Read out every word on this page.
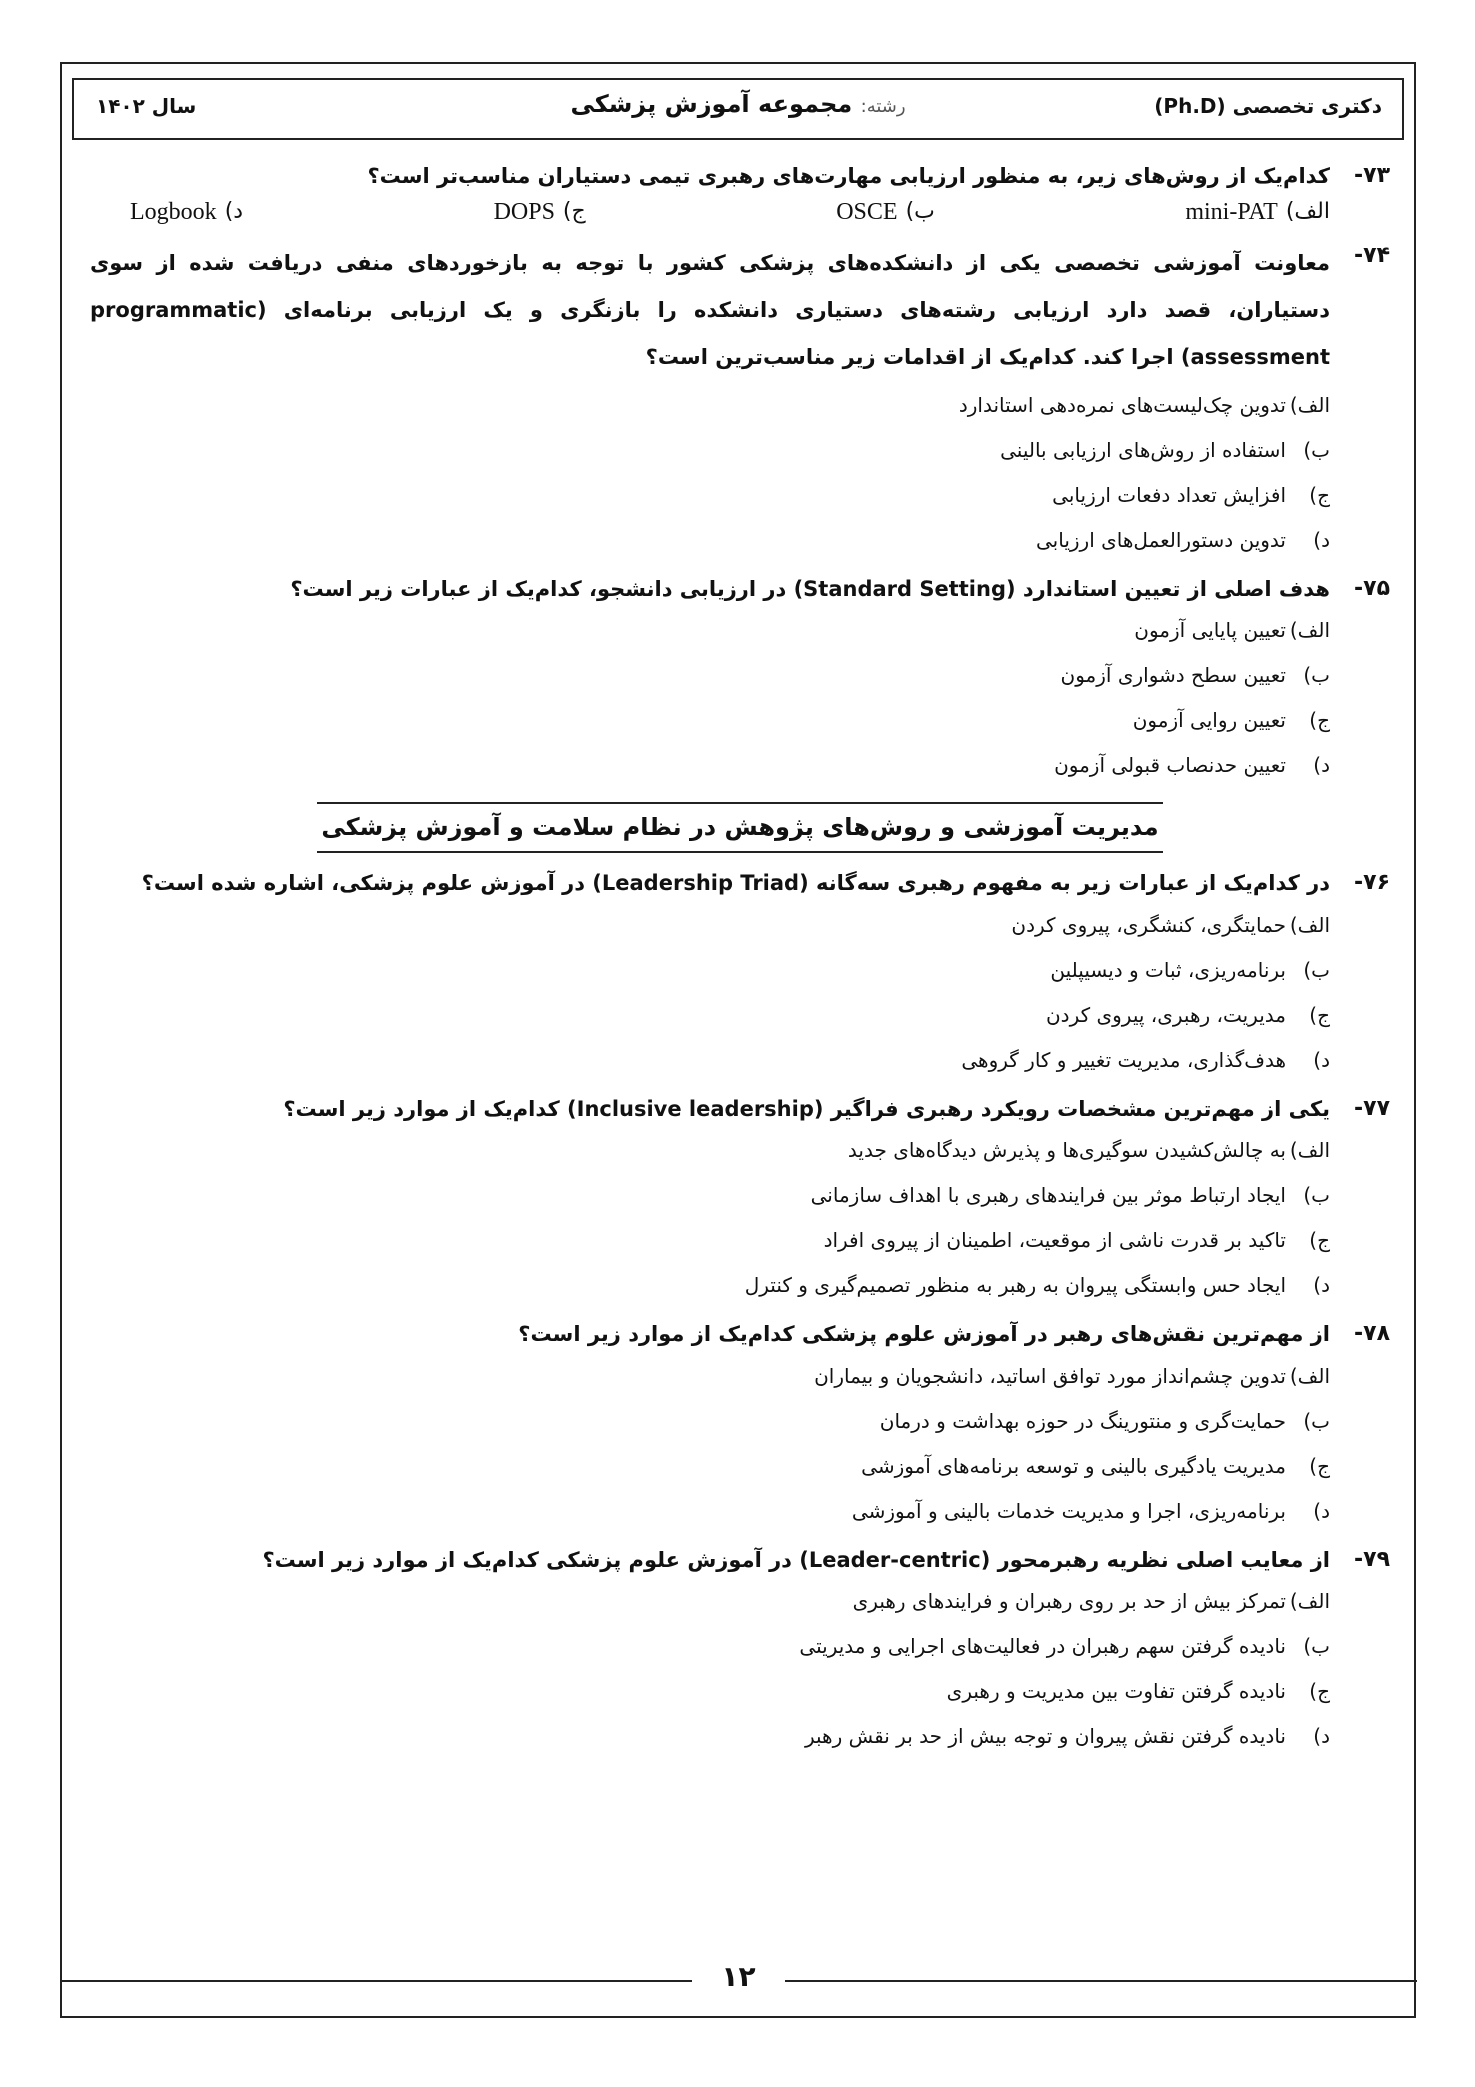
دکتری تخصصی (Ph.D)
رشته: مجموعه آموزش پزشکی
سال ۱۴۰۲
۷۳-
کدام‌یک از روش‌های زیر، به منظور ارزیابی مهارت‌های رهبری تیمی دستیاران مناسب‌تر است؟
الف)
mini-PAT
ب)
OSCE
ج)
DOPS
د)
Logbook
۷۴-
معاونت آموزشی تخصصی یکی از دانشکده‌های پزشکی کشور با توجه به بازخوردهای منفی دریافت شده از سوی دستیاران، قصد دارد ارزیابی رشته‌های دستیاری دانشکده را بازنگری و یک ارزیابی برنامه‌ای (programmatic assessment) اجرا کند. کدام‌یک از اقدامات زیر مناسب‌ترین است؟
الف)
تدوین چک‌لیست‌های نمره‌دهی استاندارد
ب)
استفاده از روش‌های ارزیابی بالینی
ج)
افزایش تعداد دفعات ارزیابی
د)
تدوین دستورالعمل‌های ارزیابی
۷۵-
هدف اصلی از تعیین استاندارد (Standard Setting) در ارزیابی دانشجو، کدام‌یک از عبارات زیر است؟
الف)
تعیین پایایی آزمون
ب)
تعیین سطح دشواری آزمون
ج)
تعیین روایی آزمون
د)
تعیین حدنصاب قبولی آزمون
مدیریت آموزشی و روش‌های پژوهش در نظام سلامت و آموزش پزشکی
۷۶-
در کدام‌یک از عبارات زیر به مفهوم رهبری سه‌گانه (Leadership Triad) در آموزش علوم پزشکی، اشاره شده است؟
الف)
حمایتگری، کنشگری، پیروی کردن
ب)
برنامه‌ریزی، ثبات و دیسیپلین
ج)
مدیریت، رهبری، پیروی کردن
د)
هدف‌گذاری، مدیریت تغییر و کار گروهی
۷۷-
یکی از مهم‌ترین مشخصات رویکرد رهبری فراگیر (Inclusive leadership) کدام‌یک از موارد زیر است؟
الف)
به چالش‌کشیدن سوگیری‌ها و پذیرش دیدگاه‌های جدید
ب)
ایجاد ارتباط موثر بین فرایندهای رهبری با اهداف سازمانی
ج)
تاکید بر قدرت ناشی از موقعیت، اطمینان از پیروی افراد
د)
ایجاد حس وابستگی پیروان به رهبر به منظور تصمیم‌گیری و کنترل
۷۸-
از مهم‌ترین نقش‌های رهبر در آموزش علوم پزشکی کدام‌یک از موارد زیر است؟
الف)
تدوین چشم‌انداز مورد توافق اساتید، دانشجویان و بیماران
ب)
حمایت‌گری و منتورینگ در حوزه بهداشت و درمان
ج)
مدیریت یادگیری بالینی و توسعه برنامه‌های آموزشی
د)
برنامه‌ریزی، اجرا و مدیریت خدمات بالینی و آموزشی
۷۹-
از معایب اصلی نظریه رهبرمحور (Leader-centric) در آموزش علوم پزشکی کدام‌یک از موارد زیر است؟
الف)
تمرکز بیش از حد بر روی رهبران و فرایندهای رهبری
ب)
نادیده گرفتن سهم رهبران در فعالیت‌های اجرایی و مدیریتی
ج)
نادیده گرفتن تفاوت بین مدیریت و رهبری
د)
نادیده گرفتن نقش پیروان و توجه بیش از حد بر نقش رهبر
۱۲
